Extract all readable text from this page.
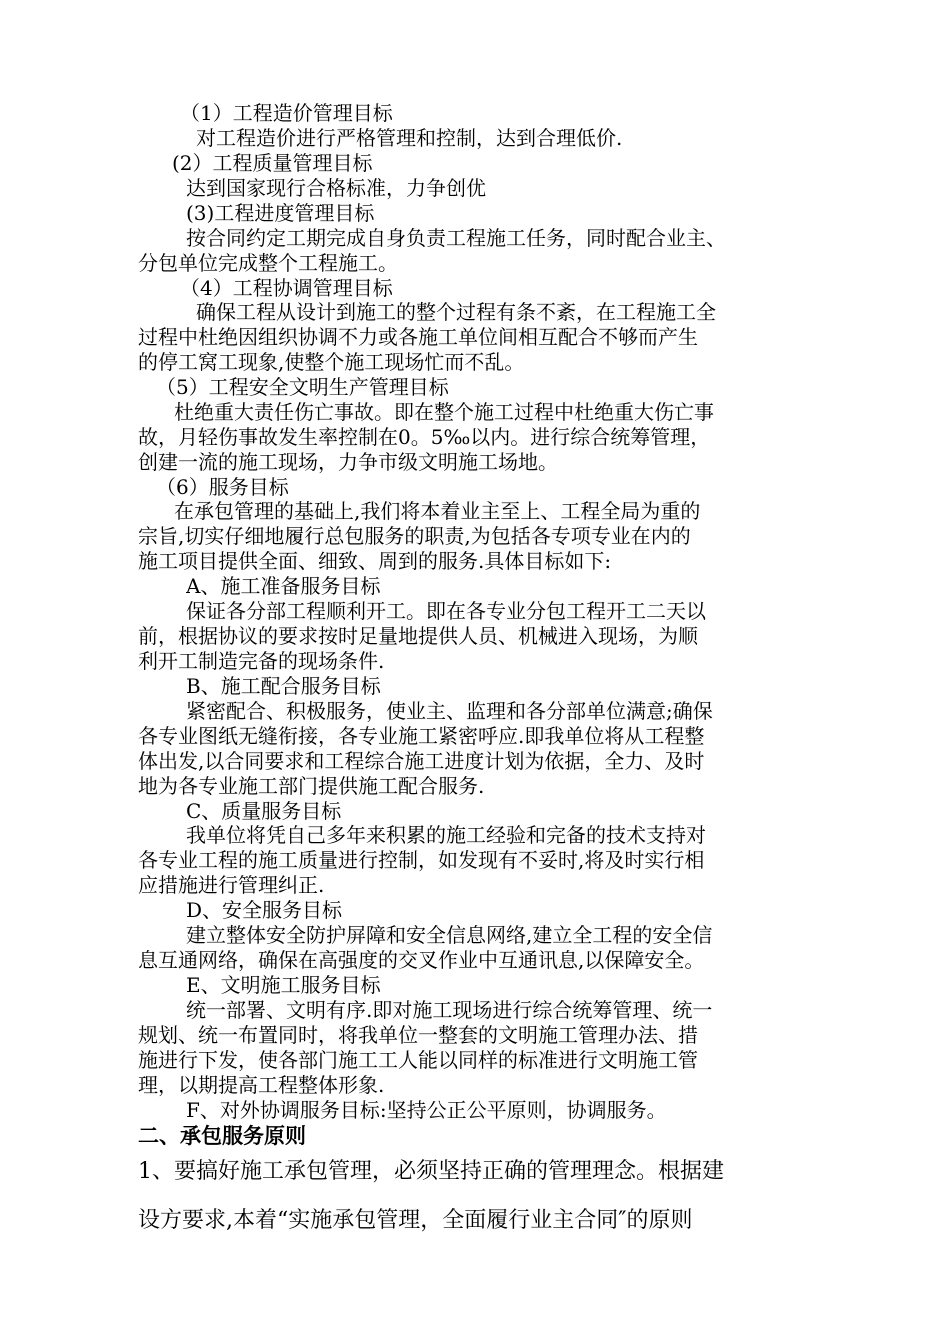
（1）工程造价管理目标
对工程造价进行严格管理和控制，达到合理低价.
(2）工程质量管理目标
达到国家现行合格标准，力争创优
(3)工程进度管理目标
按合同约定工期完成自身负责工程施工任务，同时配合业主、
分包单位完成整个工程施工。
（4）工程协调管理目标
确保工程从设计到施工的整个过程有条不紊，在工程施工全
过程中杜绝因组织协调不力或各施工单位间相互配合不够而产生
的停工窝工现象,使整个施工现场忙而不乱。
（5）工程安全文明生产管理目标
杜绝重大责任伤亡事故。即在整个施工过程中杜绝重大伤亡事
故，月轻伤事故发生率控制在0。5‰以内。进行综合统筹管理，
创建一流的施工现场，力争市级文明施工场地。
（6）服务目标
在承包管理的基础上,我们将本着业主至上、工程全局为重的
宗旨,切实仔细地履行总包服务的职责,为包括各专项专业在内的
施工项目提供全面、细致、周到的服务.具体目标如下:
A、施工准备服务目标
保证各分部工程顺利开工。即在各专业分包工程开工二天以
前，根据协议的要求按时足量地提供人员、机械进入现场，为顺
利开工制造完备的现场条件.
B、施工配合服务目标
紧密配合、积极服务，使业主、监理和各分部单位满意;确保
各专业图纸无缝衔接，各专业施工紧密呼应.即我单位将从工程整
体出发,以合同要求和工程综合施工进度计划为依据，全力、及时
地为各专业施工部门提供施工配合服务.
C、质量服务目标
我单位将凭自己多年来积累的施工经验和完备的技术支持对
各专业工程的施工质量进行控制，如发现有不妥时,将及时实行相
应措施进行管理纠正.
D、安全服务目标
建立整体安全防护屏障和安全信息网络,建立全工程的安全信
息互通网络，确保在高强度的交叉作业中互通讯息,以保障安全。
E、文明施工服务目标
统一部署、文明有序.即对施工现场进行综合统筹管理、统一
规划、统一布置同时，将我单位一整套的文明施工管理办法、措
施进行下发，使各部门施工工人能以同样的标准进行文明施工管
理，以期提高工程整体形象.
F、对外协调服务目标:坚持公正公平原则，协调服务。
二、承包服务原则
1、要搞好施工承包管理，必须坚持正确的管理理念。根据建
设方要求,本着“实施承包管理，全面履行业主合同″的原则
